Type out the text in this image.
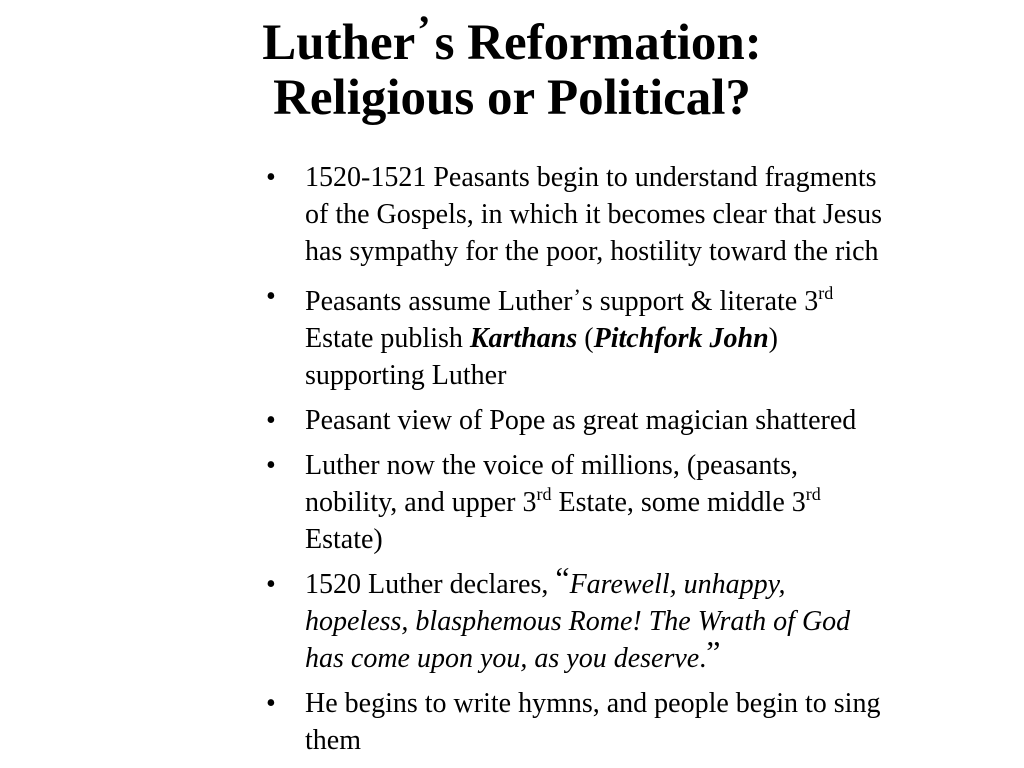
Luther’s Reformation:
Religious or Political?
•	1520-1521 Peasants begin to understand fragments
of the Gospels, in which it becomes clear that Jesus
has sympathy for the poor, hostility toward the rich
•	Peasants assume Luther’s support & literate 3rd
Estate publish Karthans (Pitchfork John)
supporting Luther
•	Peasant view of Pope as great magician shattered
•	Luther now the voice of millions, (peasants,
nobility, and upper 3rd Estate, some middle 3rd
Estate)
•	1520 Luther declares, “Farewell, unhappy,
hopeless, blasphemous Rome! The Wrath of God
has come upon you, as you deserve.”
•	He begins to write hymns, and people begin to sing
them
